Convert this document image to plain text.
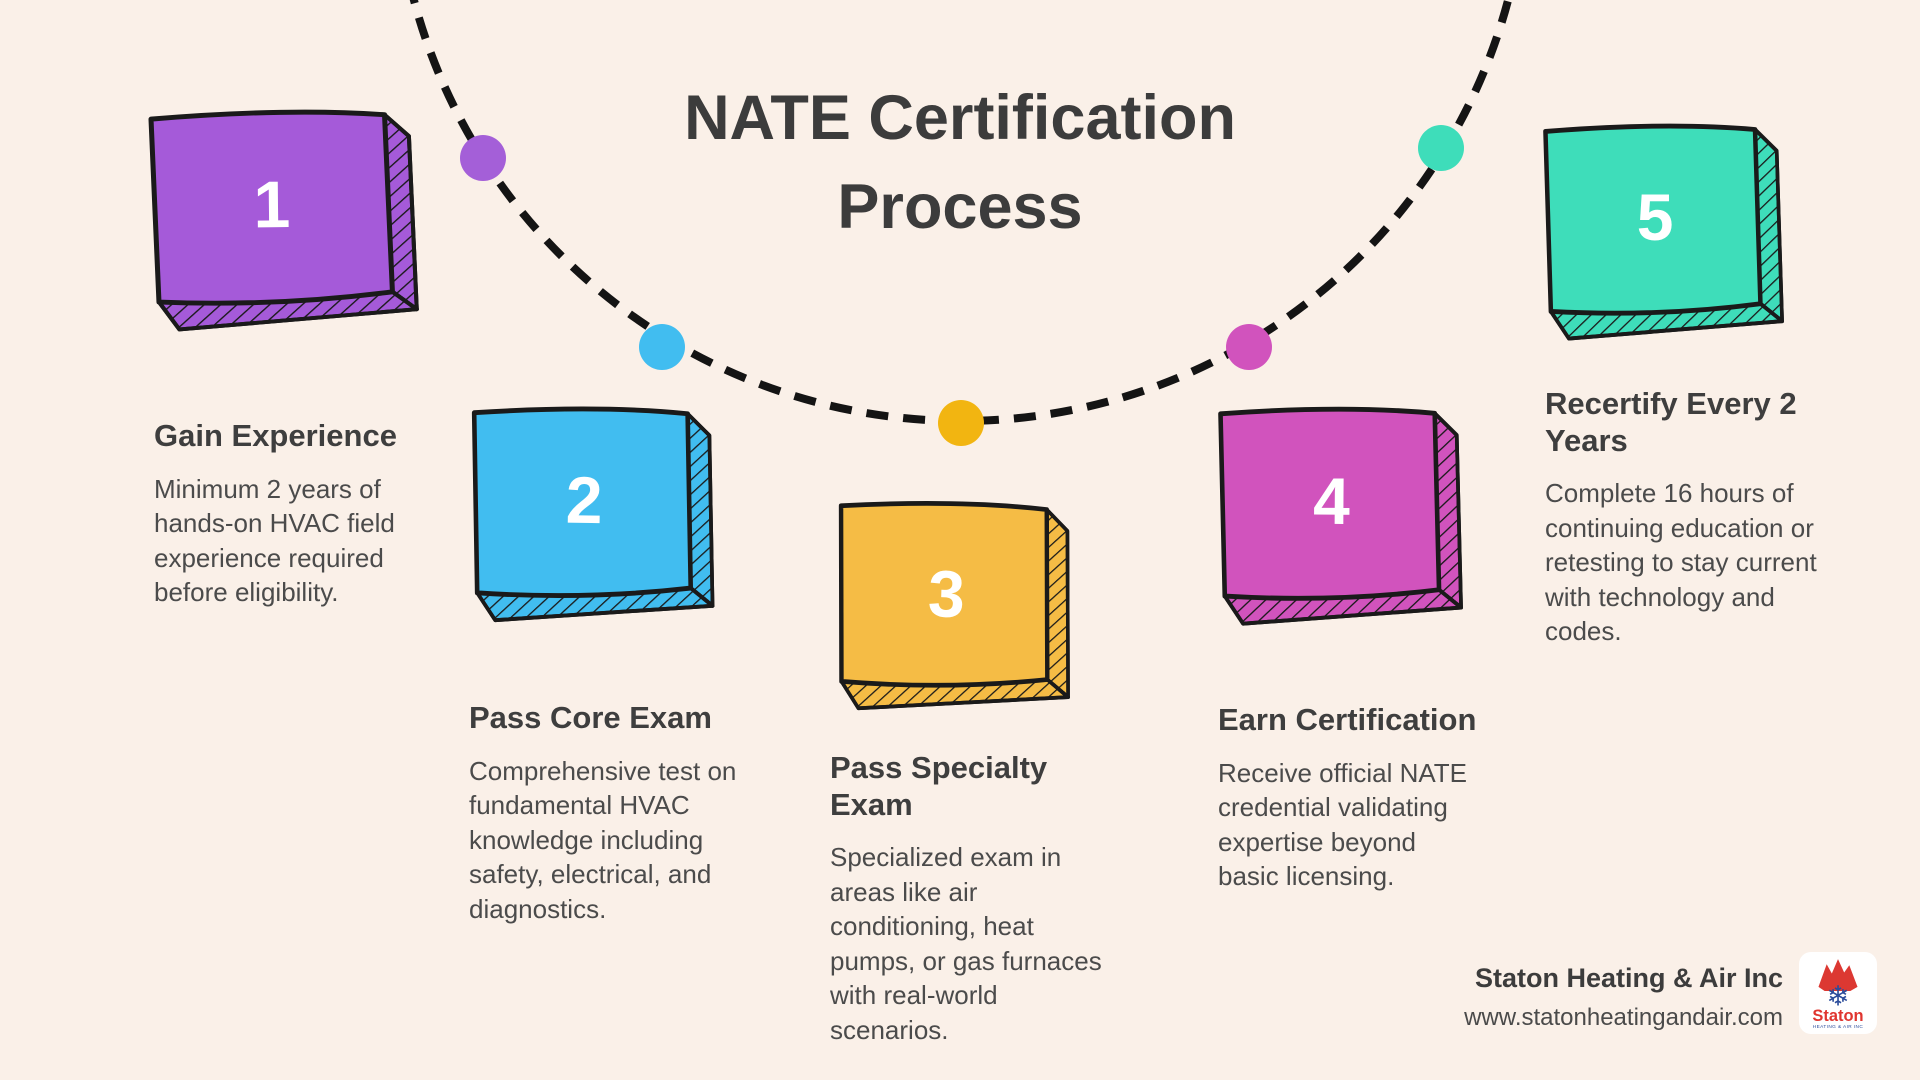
NATE Certification
Process
1
2
3
4
5
Gain Experience

Minimum 2 years of hands-on HVAC field experience required before eligibility.

Pass Core Exam

Comprehensive test on fundamental HVAC knowledge including safety, electrical, and diagnostics.

Pass Specialty Exam

Specialized exam in areas like air conditioning, heat pumps, or gas furnaces with real-world scenarios.

Earn Certification

Receive official NATE credential validating expertise beyond basic licensing.

Recertify Every 2 Years

Complete 16 hours of continuing education or retesting to stay current with technology and codes.

Staton Heating & Air Inc
www.statonheatingandair.com
❄
Staton
HEATING & AIR INC
